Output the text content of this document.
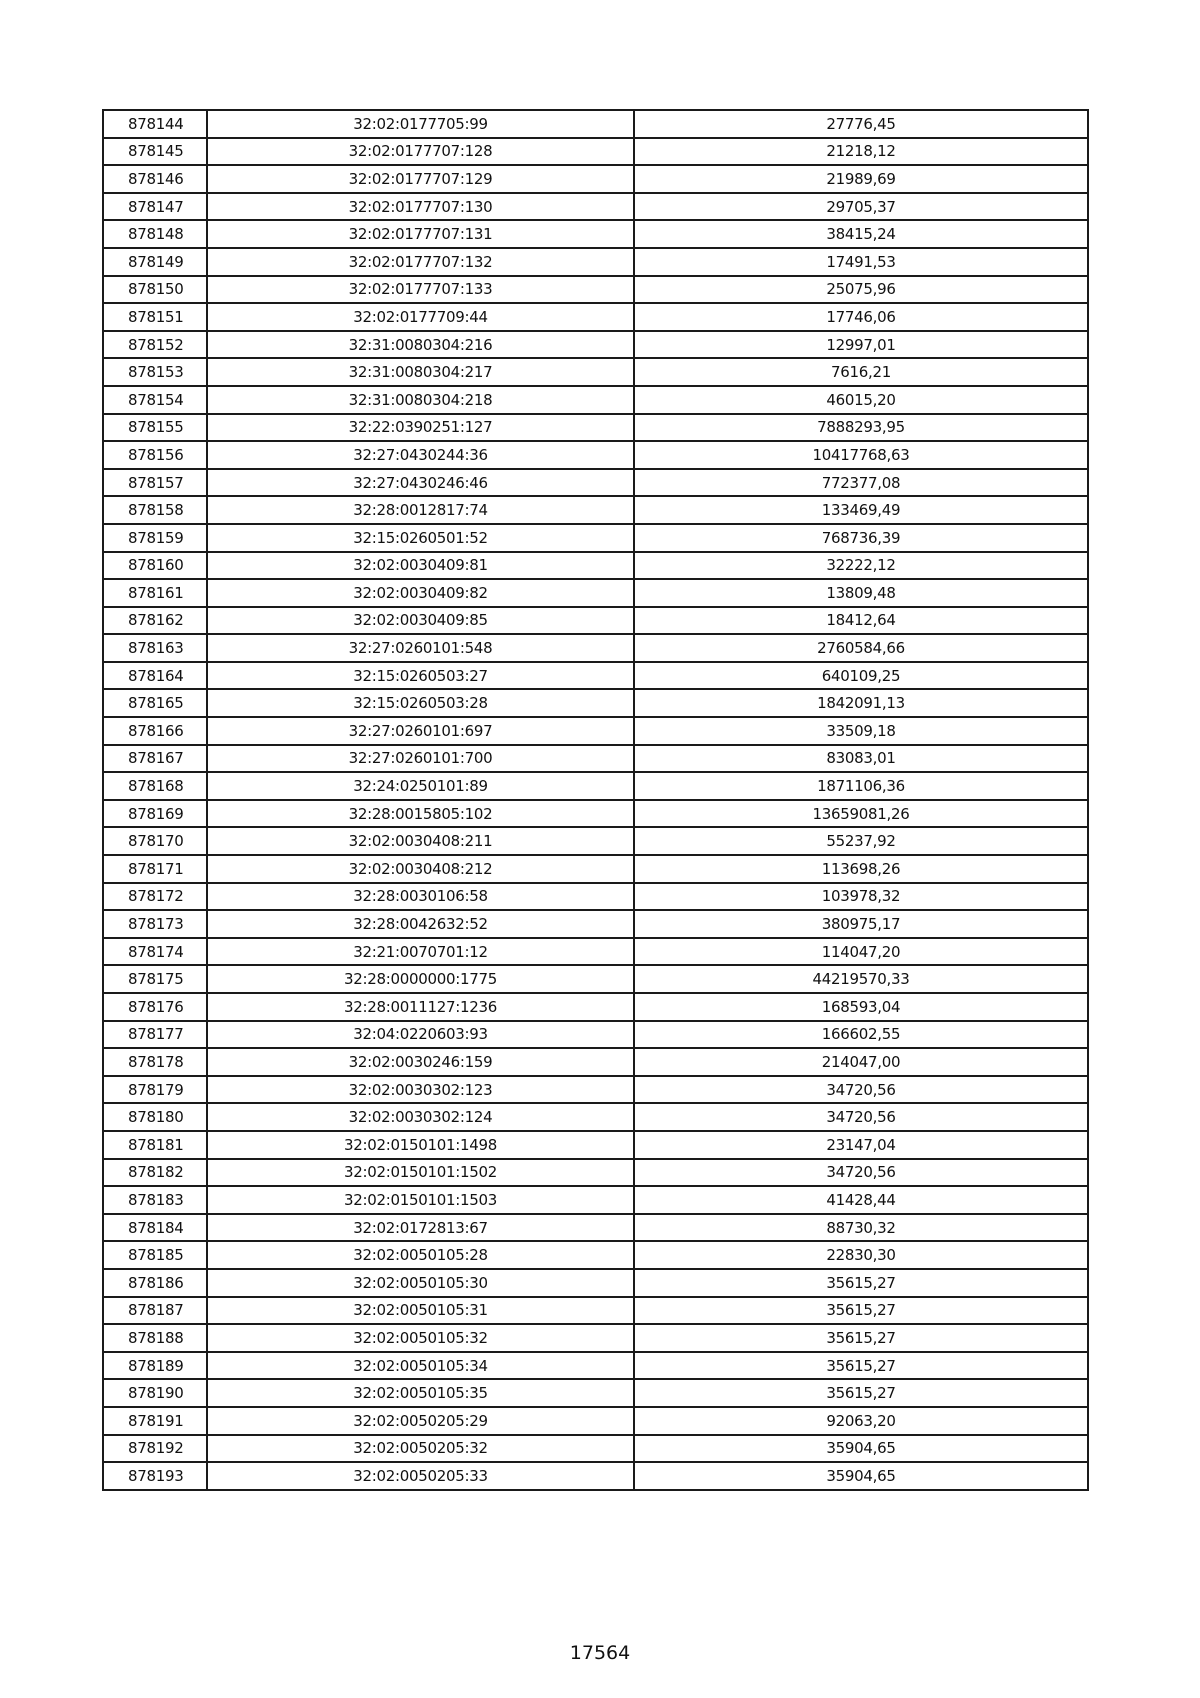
878144	32:02:0177705:99	27776,45
878145	32:02:0177707:128	21218,12
878146	32:02:0177707:129	21989,69
878147	32:02:0177707:130	29705,37
878148	32:02:0177707:131	38415,24
878149	32:02:0177707:132	17491,53
878150	32:02:0177707:133	25075,96
878151	32:02:0177709:44	17746,06
878152	32:31:0080304:216	12997,01
878153	32:31:0080304:217	7616,21
878154	32:31:0080304:218	46015,20
878155	32:22:0390251:127	7888293,95
878156	32:27:0430244:36	10417768,63
878157	32:27:0430246:46	772377,08
878158	32:28:0012817:74	133469,49
878159	32:15:0260501:52	768736,39
878160	32:02:0030409:81	32222,12
878161	32:02:0030409:82	13809,48
878162	32:02:0030409:85	18412,64
878163	32:27:0260101:548	2760584,66
878164	32:15:0260503:27	640109,25
878165	32:15:0260503:28	1842091,13
878166	32:27:0260101:697	33509,18
878167	32:27:0260101:700	83083,01
878168	32:24:0250101:89	1871106,36
878169	32:28:0015805:102	13659081,26
878170	32:02:0030408:211	55237,92
878171	32:02:0030408:212	113698,26
878172	32:28:0030106:58	103978,32
878173	32:28:0042632:52	380975,17
878174	32:21:0070701:12	114047,20
878175	32:28:0000000:1775	44219570,33
878176	32:28:0011127:1236	168593,04
878177	32:04:0220603:93	166602,55
878178	32:02:0030246:159	214047,00
878179	32:02:0030302:123	34720,56
878180	32:02:0030302:124	34720,56
878181	32:02:0150101:1498	23147,04
878182	32:02:0150101:1502	34720,56
878183	32:02:0150101:1503	41428,44
878184	32:02:0172813:67	88730,32
878185	32:02:0050105:28	22830,30
878186	32:02:0050105:30	35615,27
878187	32:02:0050105:31	35615,27
878188	32:02:0050105:32	35615,27
878189	32:02:0050105:34	35615,27
878190	32:02:0050105:35	35615,27
878191	32:02:0050205:29	92063,20
878192	32:02:0050205:32	35904,65
878193	32:02:0050205:33	35904,65
17564
